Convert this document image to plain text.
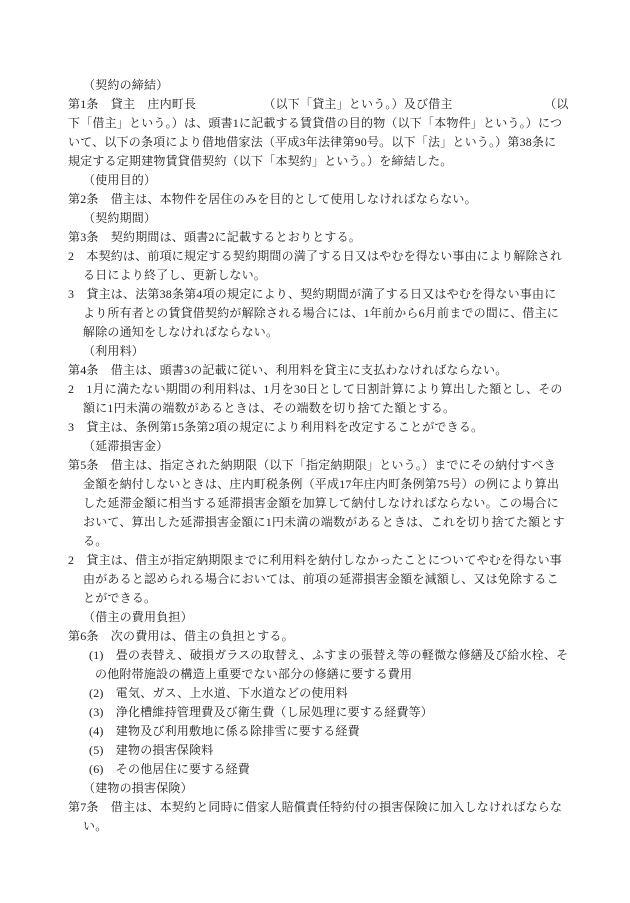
（契約の締結）
第1条　貸主　庄内町長　　　　　　（以下「貸主」という。）及び借主　　　　　　　　（以
下「借主」という。）は、頭書1に記載する賃貸借の目的物（以下「本物件」という。）につ
いて、以下の条項により借地借家法（平成3年法律第90号。以下「法」という。）第38条に
規定する定期建物賃貸借契約（以下「本契約」という。）を締結した。
（使用目的）
第2条　借主は、本物件を居住のみを目的として使用しなければならない。
（契約期間）
第3条　契約期間は、頭書2に記載するとおりとする。
2　本契約は、前項に規定する契約期間の満了する日又はやむを得ない事由により解除され
る日により終了し、更新しない。
3　貸主は、法第38条第4項の規定により、契約期間が満了する日又はやむを得ない事由に
より所有者との賃貸借契約が解除される場合には、1年前から6月前までの間に、借主に
解除の通知をしなければならない。
（利用料）
第4条　借主は、頭書3の記載に従い、利用料を貸主に支払わなければならない。
2　1月に満たない期間の利用料は、1月を30日として日割計算により算出した額とし、その
額に1円未満の端数があるときは、その端数を切り捨てた額とする。
3　貸主は、条例第15条第2項の規定により利用料を改定することができる。
（延滞損害金）
第5条　借主は、指定された納期限（以下「指定納期限」という。）までにその納付すべき
金額を納付しないときは、庄内町税条例（平成17年庄内町条例第75号）の例により算出
した延滞金額に相当する延滞損害金額を加算して納付しなければならない。この場合に
おいて、算出した延滞損害金額に1円未満の端数があるときは、これを切り捨てた額とす
る。
2　貸主は、借主が指定納期限までに利用料を納付しなかったことについてやむを得ない事
由があると認められる場合においては、前項の延滞損害金額を減額し、又は免除するこ
とができる。
（借主の費用負担）
第6条　次の費用は、借主の負担とする。
(1)　畳の表替え、破損ガラスの取替え、ふすまの張替え等の軽微な修繕及び給水栓、そ
の他附帯施設の構造上重要でない部分の修繕に要する費用
(2)　電気、ガス、上水道、下水道などの使用料
(3)　浄化槽維持管理費及び衛生費（し尿処理に要する経費等）
(4)　建物及び利用敷地に係る除排雪に要する経費
(5)　建物の損害保険料
(6)　その他居住に要する経費
（建物の損害保険）
第7条　借主は、本契約と同時に借家人賠償責任特約付の損害保険に加入しなければならな
い。
